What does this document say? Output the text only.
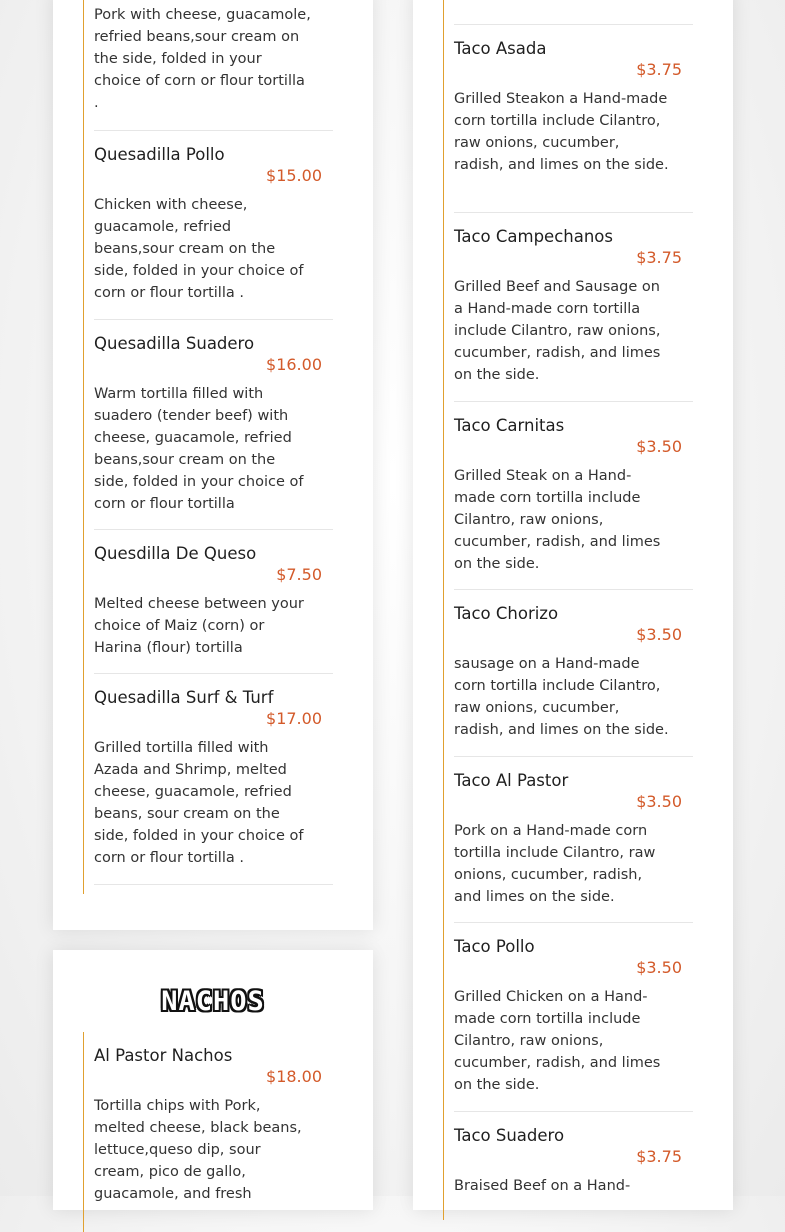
Pork with cheese, guacamole, refried beans,sour cream on the side, folded in your choice of corn or flour tortilla .
Quesadilla Pollo
$15.00
Chicken with cheese, guacamole, refried beans,sour cream on the side, folded in your choice of corn or flour tortilla .
Quesadilla Suadero
$16.00
Warm tortilla filled with suadero (tender beef) with cheese, guacamole, refried beans,sour cream on the side, folded in your choice of corn or flour tortilla
Quesdilla De Queso
$7.50
Melted cheese between your choice of Maiz (corn) or Harina (flour) tortilla
Quesadilla Surf & Turf
$17.00
Grilled tortilla filled with Azada and Shrimp, melted cheese, guacamole, refried beans, sour cream on the side, folded in your choice of corn or flour tortilla .
NACHOS
Al Pastor Nachos
$18.00
Tortilla chips with Pork, melted cheese, black beans, lettuce,queso dip, sour cream, pico de gallo, guacamole, and fresh
Taco Asada
$3.75
Grilled Steakon a Hand-made corn tortilla include Cilantro, raw onions, cucumber, radish, and limes on the side.
Taco Campechanos
$3.75
Grilled Beef and Sausage on a Hand-made corn tortilla include Cilantro, raw onions, cucumber, radish, and limes on the side.
Taco Carnitas
$3.50
Grilled Steak on a Hand-made corn tortilla include Cilantro, raw onions, cucumber, radish, and limes on the side.
Taco Chorizo
$3.50
sausage on a Hand-made corn tortilla include Cilantro, raw onions, cucumber, radish, and limes on the side.
Taco Al Pastor
$3.50
Pork on a Hand-made corn tortilla include Cilantro, raw onions, cucumber, radish, and limes on the side.
Taco Pollo
$3.50
Grilled Chicken on a Hand-made corn tortilla include Cilantro, raw onions, cucumber, radish, and limes on the side.
Taco Suadero
$3.75
Braised Beef on a Hand-
